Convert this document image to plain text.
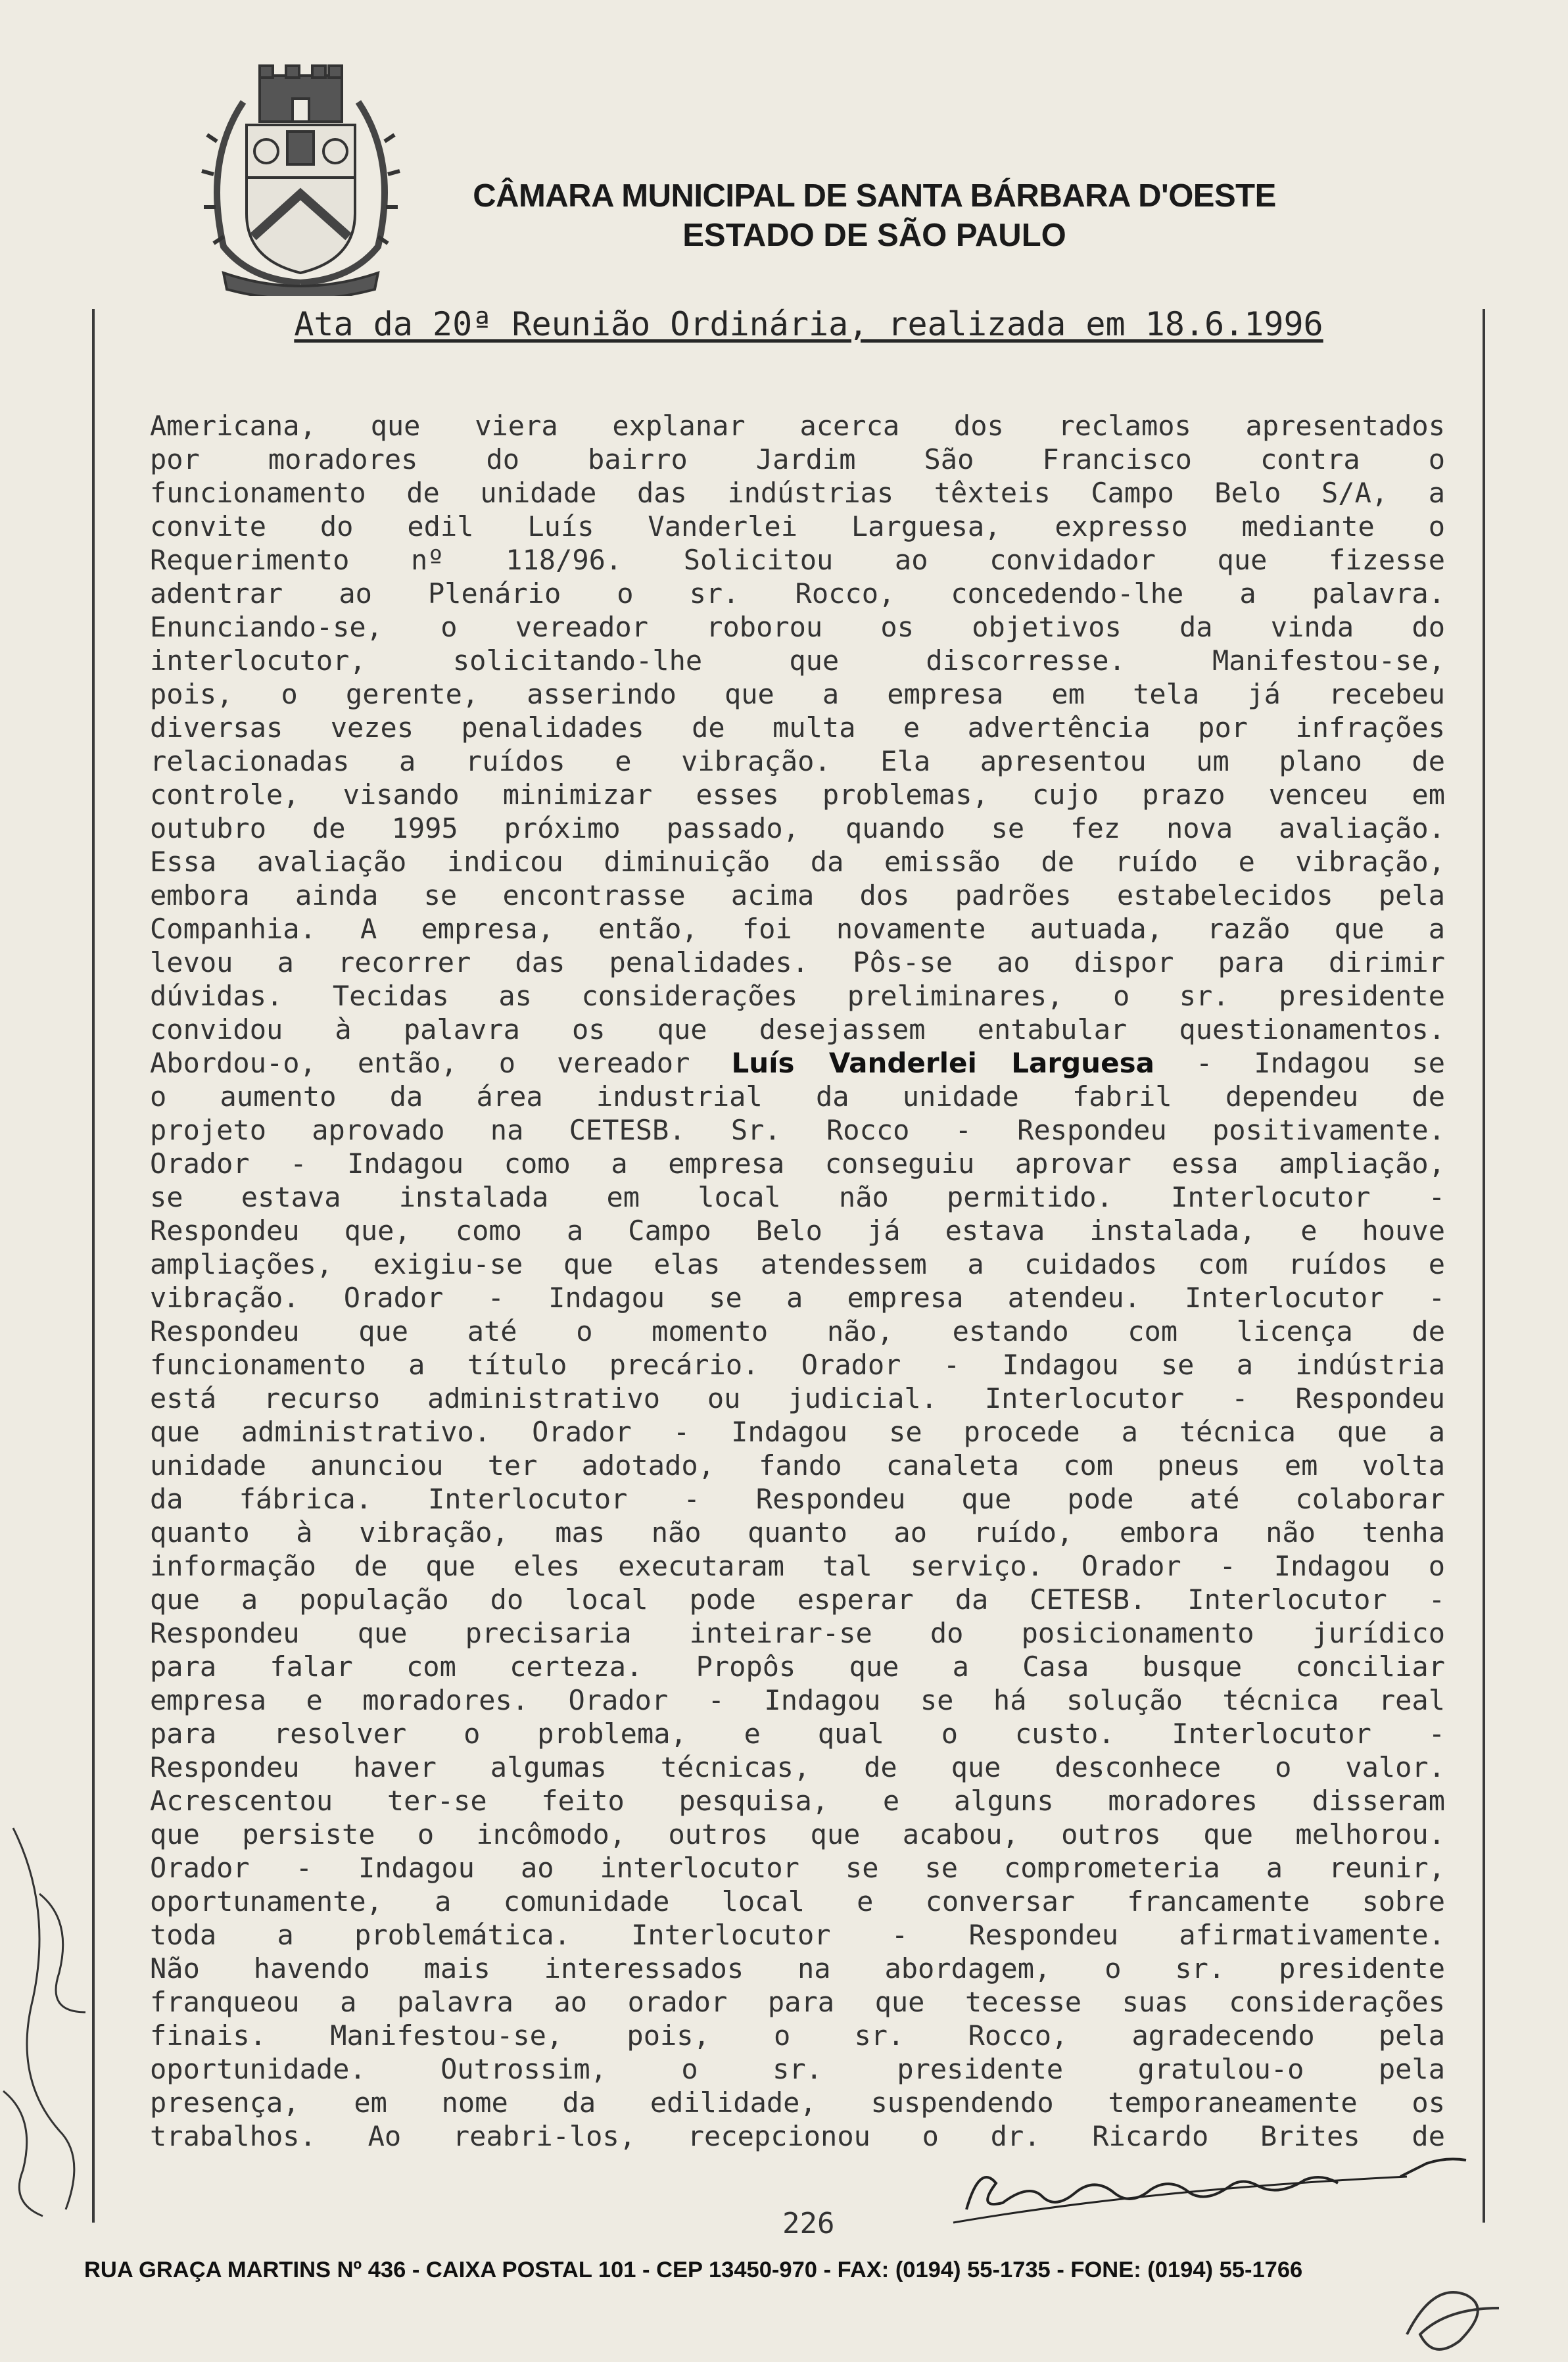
CÂMARA MUNICIPAL DE SANTA BÁRBARA D'OESTE
ESTADO DE SÃO PAULO
Ata da 20ª Reunião Ordinária, realizada em 18.6.1996
Americana, que viera explanar acerca dos reclamos apresentados
por moradores do bairro Jardim São Francisco contra o
funcionamento de unidade das indústrias têxteis Campo Belo S/A, a
convite do edil Luís Vanderlei Larguesa, expresso mediante o
Requerimento nº 118/96. Solicitou ao convidador que fizesse
adentrar ao Plenário o sr. Rocco, concedendo-lhe a palavra.
Enunciando-se, o vereador roborou os objetivos da vinda do
interlocutor, solicitando-lhe que discorresse. Manifestou-se,
pois, o gerente, asserindo que a empresa em tela já recebeu
diversas vezes penalidades de multa e advertência por infrações
relacionadas a ruídos e vibração. Ela apresentou um plano de
controle, visando minimizar esses problemas, cujo prazo venceu em
outubro de 1995 próximo passado, quando se fez nova avaliação.
Essa avaliação indicou diminuição da emissão de ruído e vibração,
embora ainda se encontrasse acima dos padrões estabelecidos pela
Companhia. A empresa, então, foi novamente autuada, razão que a
levou a recorrer das penalidades. Pôs-se ao dispor para dirimir
dúvidas. Tecidas as considerações preliminares, o sr. presidente
convidou à palavra os que desejassem entabular questionamentos.
Abordou-o, então, o vereador Luís Vanderlei Larguesa - Indagou se
o aumento da área industrial da unidade fabril dependeu de
projeto aprovado na CETESB. Sr. Rocco - Respondeu positivamente.
Orador - Indagou como a empresa conseguiu aprovar essa ampliação,
se estava instalada em local não permitido. Interlocutor -
Respondeu que, como a Campo Belo já estava instalada, e houve
ampliações, exigiu-se que elas atendessem a cuidados com ruídos e
vibração. Orador - Indagou se a empresa atendeu. Interlocutor -
Respondeu que até o momento não, estando com licença de
funcionamento a título precário. Orador - Indagou se a indústria
está recurso administrativo ou judicial. Interlocutor - Respondeu
que administrativo. Orador - Indagou se procede a técnica que a
unidade anunciou ter adotado, fando canaleta com pneus em volta
da fábrica. Interlocutor - Respondeu que pode até colaborar
quanto à vibração, mas não quanto ao ruído, embora não tenha
informação de que eles executaram tal serviço. Orador - Indagou o
que a população do local pode esperar da CETESB. Interlocutor -
Respondeu que precisaria inteirar-se do posicionamento jurídico
para falar com certeza. Propôs que a Casa busque conciliar
empresa e moradores. Orador - Indagou se há solução técnica real
para resolver o problema, e qual o custo. Interlocutor -
Respondeu haver algumas técnicas, de que desconhece o valor.
Acrescentou ter-se feito pesquisa, e alguns moradores disseram
que persiste o incômodo, outros que acabou, outros que melhorou.
Orador - Indagou ao interlocutor se se comprometeria a reunir,
oportunamente, a comunidade local e conversar francamente sobre
toda a problemática. Interlocutor - Respondeu afirmativamente.
Não havendo mais interessados na abordagem, o sr. presidente
franqueou a palavra ao orador para que tecesse suas considerações
finais. Manifestou-se, pois, o sr. Rocco, agradecendo pela
oportunidade. Outrossim, o sr. presidente gratulou-o pela
presença, em nome da edilidade, suspendendo temporaneamente os
trabalhos. Ao reabri-los, recepcionou o dr. Ricardo Brites de
226
RUA GRAÇA MARTINS Nº 436 - CAIXA POSTAL 101 - CEP 13450-970 - FAX: (0194) 55-1735 - FONE: (0194) 55-1766
